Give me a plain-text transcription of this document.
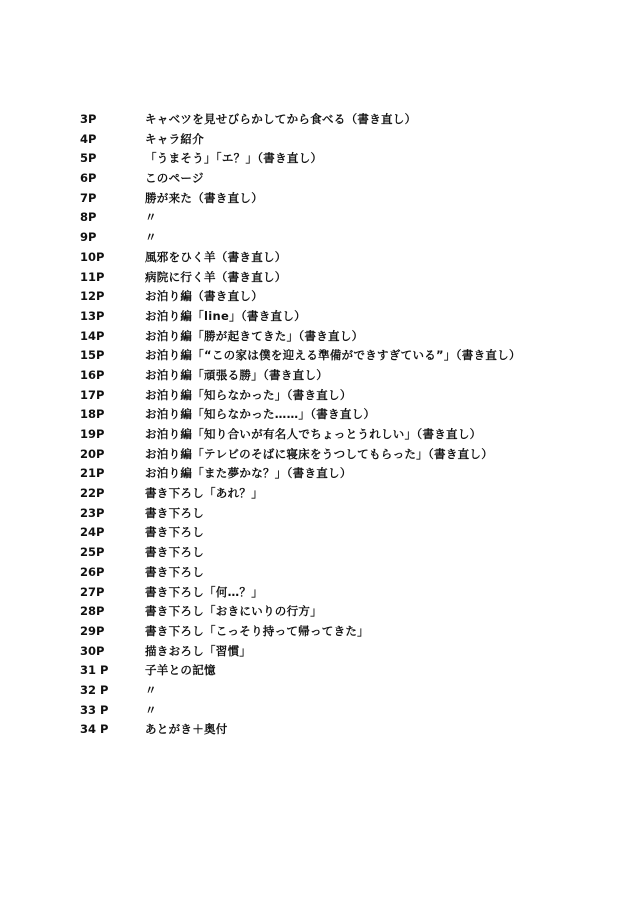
3P	キャベツを見せびらかしてから食べる（書き直し）
4P	キャラ紹介
5P	「うまそう」「エ？」（書き直し）
6P	このページ
7P	勝が来た（書き直し）
8P	〃
9P	〃
10P	風邪をひく羊（書き直し）
11P	病院に行く羊（書き直し）
12P	お泊り編（書き直し）
13P	お泊り編「line」（書き直し）
14P	お泊り編「勝が起きてきた」（書き直し）
15P	お泊り編「“この家は僕を迎える準備ができすぎている”」（書き直し）
16P	お泊り編「頑張る勝」（書き直し）
17P	お泊り編「知らなかった」（書き直し）
18P	お泊り編「知らなかった……」（書き直し）
19P	お泊り編「知り合いが有名人でちょっとうれしい」（書き直し）
20P	お泊り編「テレビのそばに寝床をうつしてもらった」（書き直し）
21P	お泊り編「また夢かな？」（書き直し）
22P	書き下ろし「あれ？」
23P	書き下ろし
24P	書き下ろし
25P	書き下ろし
26P	書き下ろし
27P	書き下ろし「何…？」
28P	書き下ろし「おきにいりの行方」
29P	書き下ろし「こっそり持って帰ってきた」
30P	描きおろし「習慣」
31 P	子羊との記憶
32 P	〃
33 P	〃
34 P	あとがき＋奥付
